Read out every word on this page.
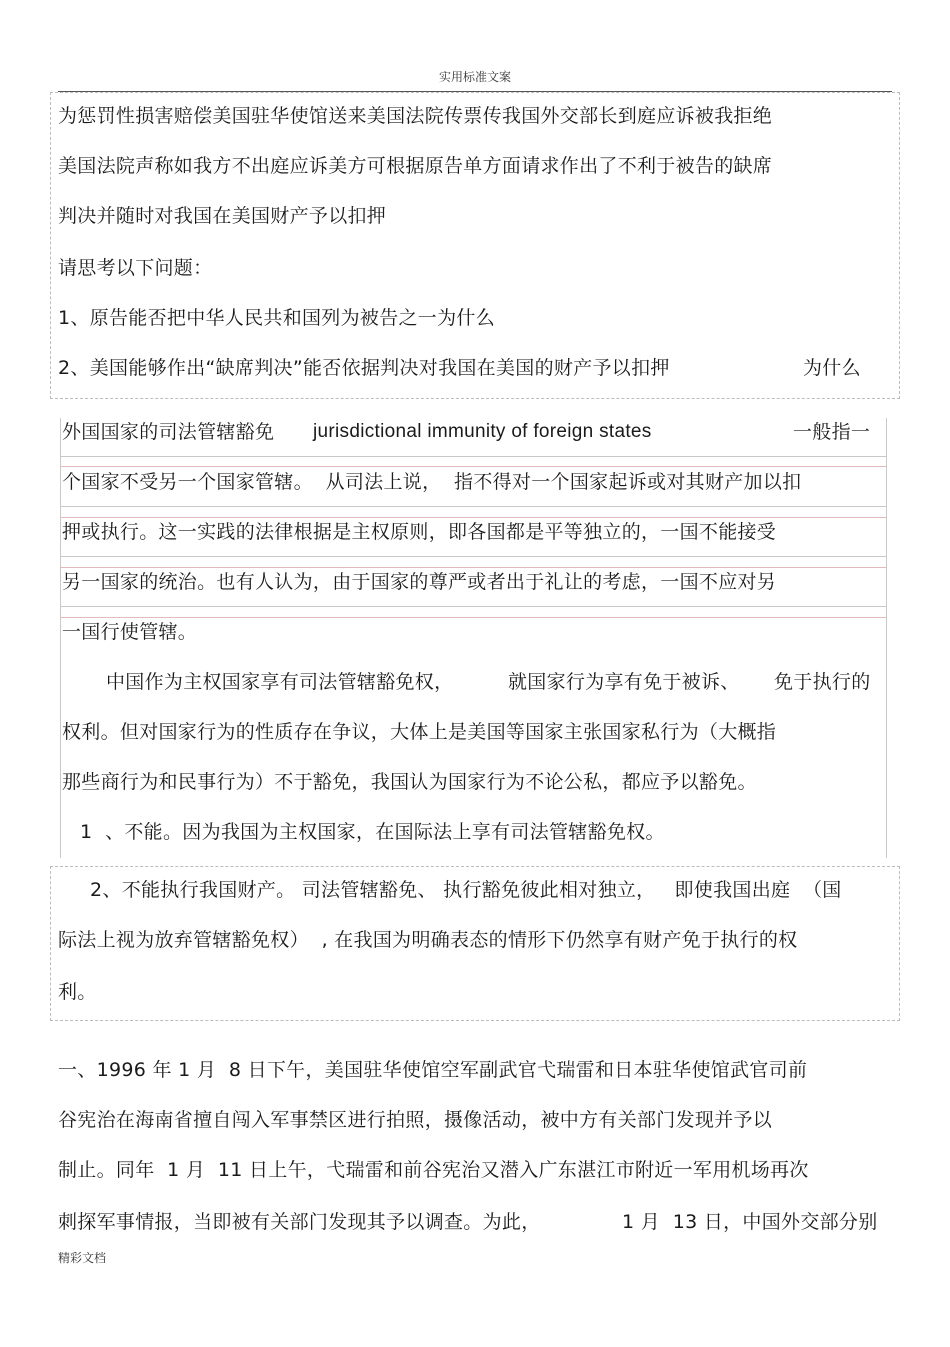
实用标准文案
为惩罚性损害赔偿美国驻华使馆送来美国法院传票传我国外交部长到庭应诉被我拒绝
美国法院声称如我方不出庭应诉美方可根据原告单方面请求作出了不利于被告的缺席
判决并随时对我国在美国财产予以扣押
请思考以下问题：
1、原告能否把中华人民共和国列为被告之一为什么
2、美国能够作出“缺席判决”能否依据判决对我国在美国的财产予以扣押	为什么
外国国家的司法管辖豁免 jurisdictional immunity of foreign states	一般指一
个国家不受另一个国家管辖。  从司法上说，  指不得对一个国家起诉或对其财产加以扣
押或执行。这一实践的法律根据是主权原则，即各国都是平等独立的，一国不能接受
另一国家的统治。也有人认为，由于国家的尊严或者出于礼让的考虑，一国不应对另
一国行使管辖。
中国作为主权国家享有司法管辖豁免权，	就国家行为享有免于被诉、 免于执行的
权利。但对国家行为的性质存在争议，大体上是美国等国家主张国家私行为（大概指
那些商行为和民事行为）不于豁免，我国认为国家行为不论公私，都应予以豁免。
1  、不能。因为我国为主权国家，在国际法上享有司法管辖豁免权。
2、不能执行我国财产。 司法管辖豁免、 执行豁免彼此相对独立，   即使我国出庭  （国
际法上视为放弃管辖豁免权）  , 在我国为明确表态的情形下仍然享有财产免于执行的权
利。
一、1996 年 1 月  8 日下午，美国驻华使馆空军副武官弋瑞雷和日本驻华使馆武官司前
谷宪治在海南省擅自闯入军事禁区进行拍照，摄像活动，被中方有关部门发现并予以
制止。同年  1 月  11 日上午，弋瑞雷和前谷宪治又潜入广东湛江市附近一军用机场再次
刺探军事情报，当即被有关部门发现其予以调查。为此，	1 月  13 日，中国外交部分别
精彩文档
